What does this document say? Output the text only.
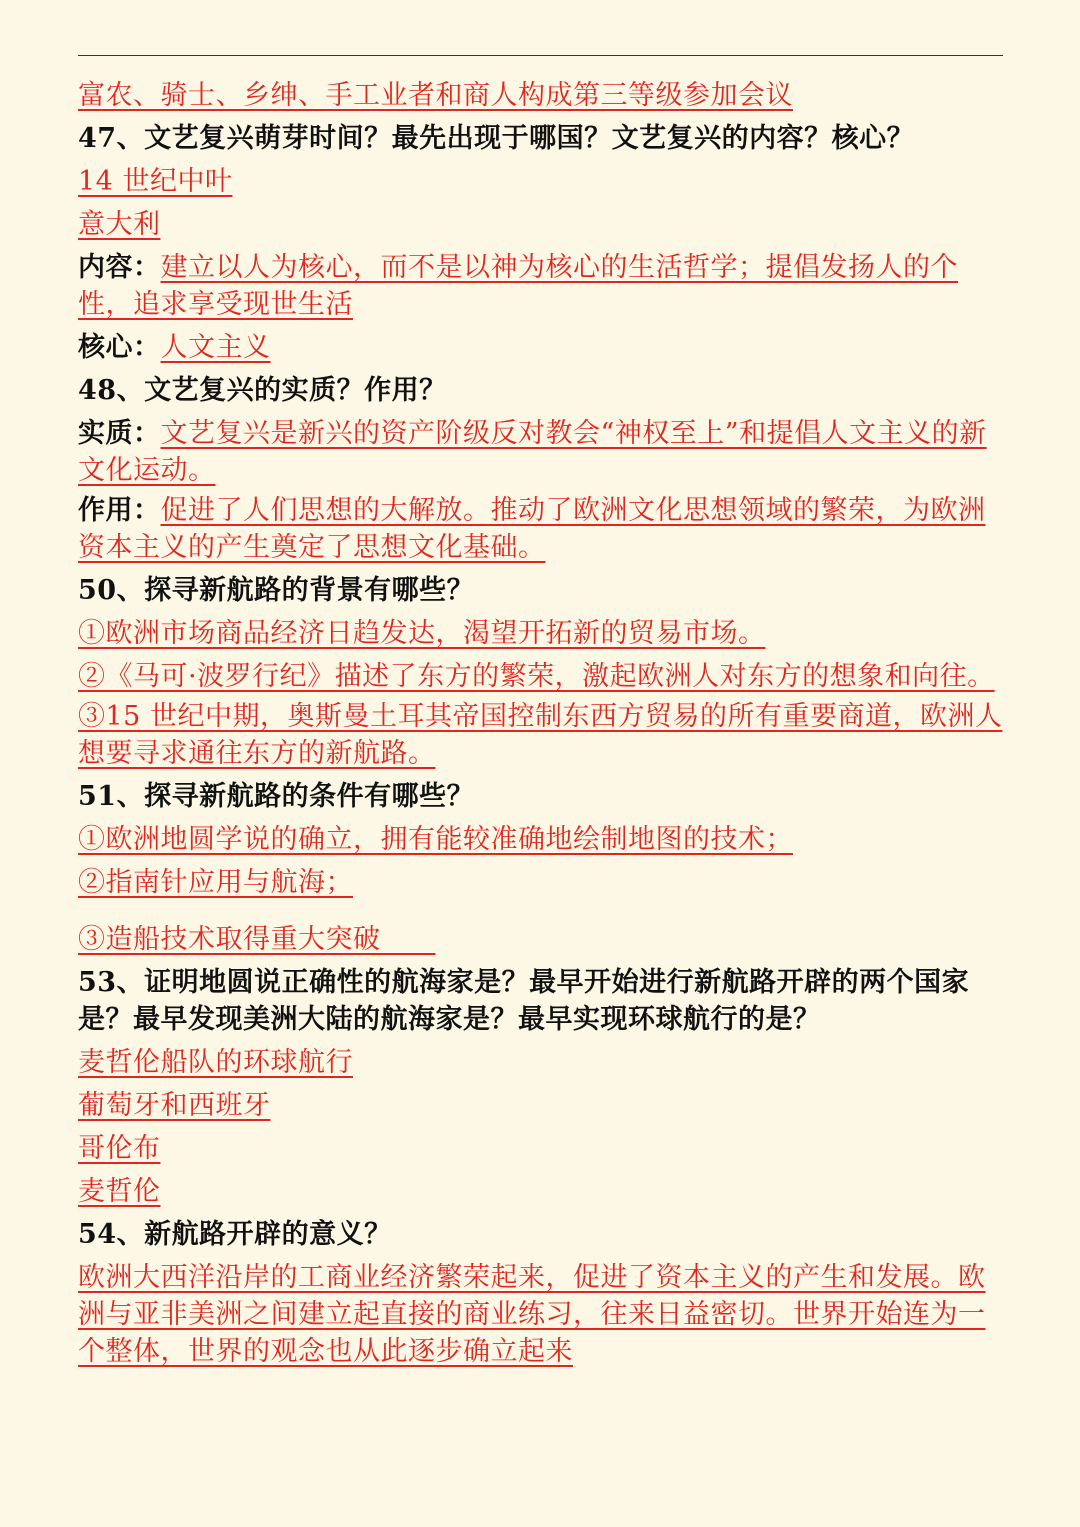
富农、骑士、乡绅、手工业者和商人构成第三等级参加会议
47、文艺复兴萌芽时间？最先出现于哪国？文艺复兴的内容？核心？
14 世纪中叶
意大利
内容：建立以人为核心，而不是以神为核心的生活哲学；提倡发扬人的个性，追求享受现世生活
核心：人文主义
48、文艺复兴的实质？作用？
实质：文艺复兴是新兴的资产阶级反对教会“神权至上”和提倡人文主义的新文化运动。
作用：促进了人们思想的大解放。推动了欧洲文化思想领域的繁荣，为欧洲资本主义的产生奠定了思想文化基础。
50、探寻新航路的背景有哪些？
①欧洲市场商品经济日趋发达，渴望开拓新的贸易市场。
②《马可·波罗行纪》描述了东方的繁荣，激起欧洲人对东方的想象和向往。
③15 世纪中期，奥斯曼土耳其帝国控制东西方贸易的所有重要商道，欧洲人想要寻求通往东方的新航路。
51、探寻新航路的条件有哪些？
①欧洲地圆学说的确立，拥有能较准确地绘制地图的技术；
②指南针应用与航海；
③造船技术取得重大突破  
53、证明地圆说正确性的航海家是？最早开始进行新航路开辟的两个国家是？最早发现美洲大陆的航海家是？最早实现环球航行的是？
麦哲伦船队的环球航行
葡萄牙和西班牙
哥伦布
麦哲伦
54、新航路开辟的意义？
欧洲大西洋沿岸的工商业经济繁荣起来，促进了资本主义的产生和发展。欧洲与亚非美洲之间建立起直接的商业练习，往来日益密切。世界开始连为一个整体，世界的观念也从此逐步确立起来
